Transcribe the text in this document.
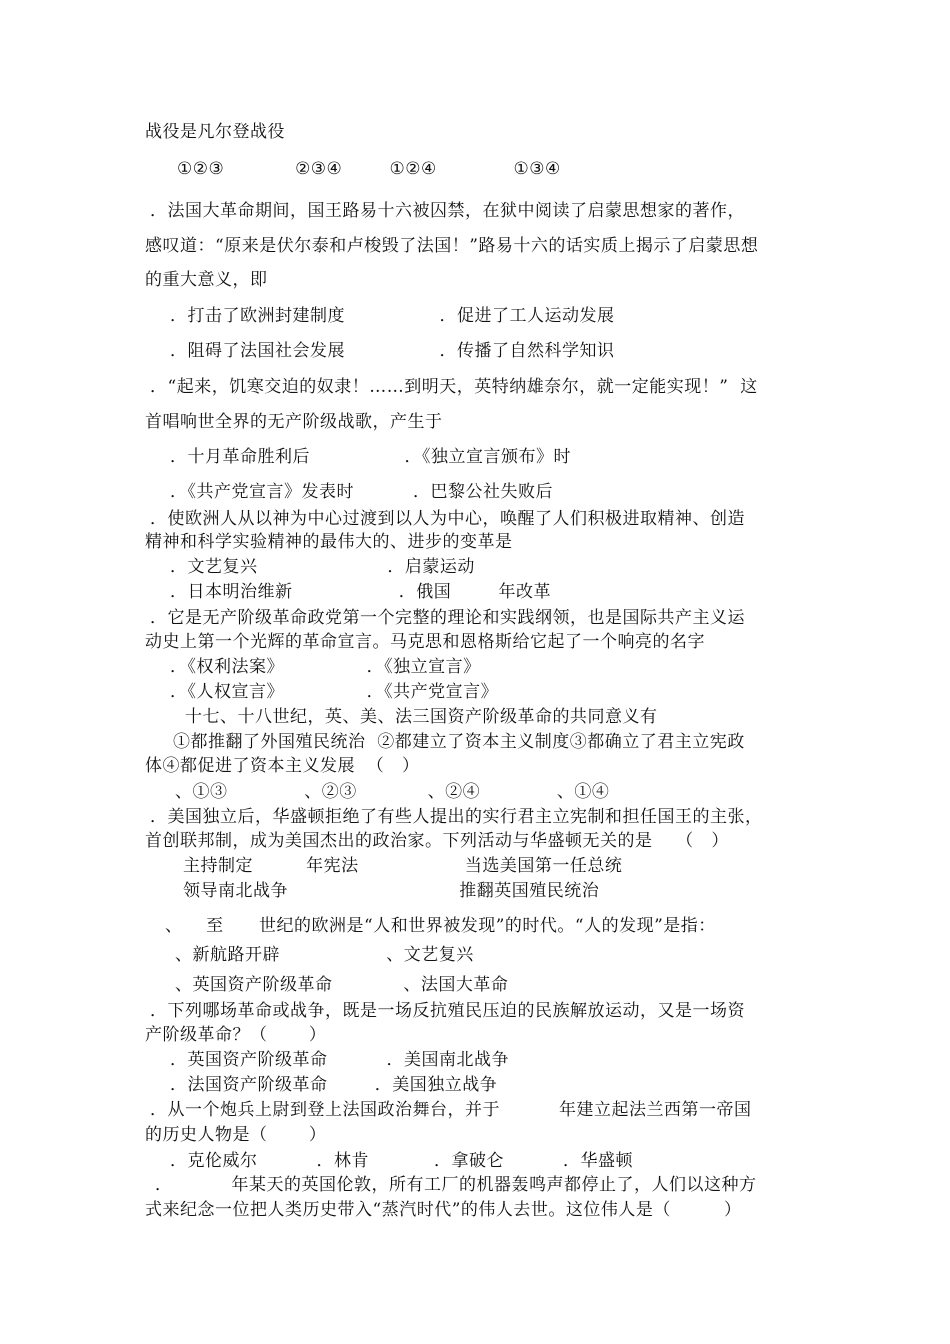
战役是凡尔登战役
①②③            ②③④        ①②④             ①③④
．法国大革命期间，国王路易十六被囚禁，在狱中阅读了启蒙思想家的著作，
感叹道：“原来是伏尔泰和卢梭毁了法国！”路易十六的话实质上揭示了启蒙思想
的重大意义，即
．打击了欧洲封建制度                ．促进了工人运动发展
．阻碍了法国社会发展                ．传播了自然科学知识
．“起来，饥寒交迫的奴隶！……到明天，英特纳雄奈尔，就一定能实现！”  这
首唱响世全界的无产阶级战歌，产生于
．十月革命胜利后                ．《独立宣言颁布》时
．《共产党宣言》发表时          ．巴黎公社失败后
．使欧洲人从以神为中心过渡到以人为中心，唤醒了人们积极进取精神、创造
精神和科学实验精神的最伟大的、进步的变革是
．文艺复兴                      ．启蒙运动
．日本明治维新                  ．俄国        年改革
．它是无产阶级革命政党第一个完整的理论和实践纲领，也是国际共产主义运
动史上第一个光辉的革命宣言。马克思和恩格斯给它起了一个响亮的名字
．《权利法案》              ．《独立宣言》
．《人权宣言》              ．《共产党宣言》
十七、十八世纪，英、美、法三国资产阶级革命的共同意义有
①都推翻了外国殖民统治  ②都建立了资本主义制度③都确立了君主立宪政
体④都促进了资本主义发展  （   ）
、①③             、②③            、②④             、①④
．美国独立后，华盛顿拒绝了有些人提出的实行君主立宪制和担任国王的主张，
首创联邦制，成为美国杰出的政治家。下列活动与华盛顿无关的是    （   ）
主持制定         年宪法                  当选美国第一任总统
领导南北战争                             推翻英国殖民统治
、    至      世纪的欧洲是“人和世界被发现”的时代。“人的发现”是指：
、新航路开辟                  、文艺复兴
、英国资产阶级革命            、法国大革命
．下列哪场革命或战争，既是一场反抗殖民压迫的民族解放运动，又是一场资
产阶级革命？（       ）
．英国资产阶级革命          ．美国南北战争
．法国资产阶级革命        ．美国独立战争
．从一个炮兵上尉到登上法国政治舞台，并于          年建立起法兰西第一帝国
的历史人物是（       ）
．克伦威尔          ．林肯           ．拿破仑          ．华盛顿
．          年某天的英国伦敦，所有工厂的机器轰鸣声都停止了，人们以这种方
式来纪念一位把人类历史带入“蒸汽时代”的伟人去世。这位伟人是（         ）
